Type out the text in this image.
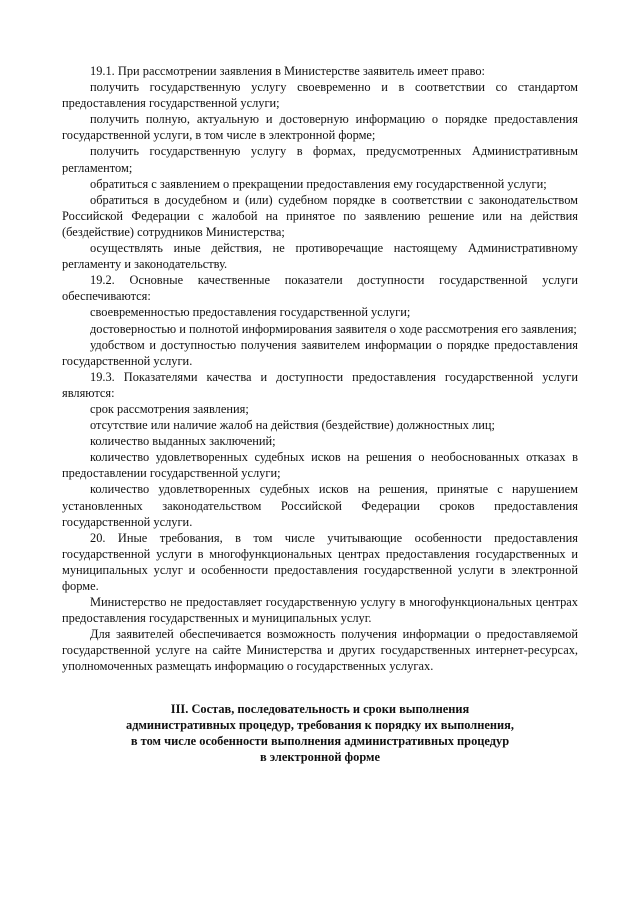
19.1. При рассмотрении заявления в Министерстве заявитель имеет право:

получить государственную услугу своевременно и в соответствии со стандартом предоставления государственной услуги;

получить полную, актуальную и достоверную информацию о порядке предоставления государственной услуги, в том числе в электронной форме;

получить государственную услугу в формах, предусмотренных Административным регламентом;

обратиться с заявлением о прекращении предоставления ему государственной услуги;

обратиться в досудебном и (или) судебном порядке в соответствии с законодательством Российской Федерации с жалобой на принятое по заявлению решение или на действия (бездействие) сотрудников Министерства;

осуществлять иные действия, не противоречащие настоящему Административному регламенту и законодательству.

19.2. Основные качественные показатели доступности государственной услуги обеспечиваются:

своевременностью предоставления государственной услуги;

достоверностью и полнотой информирования заявителя о ходе рассмотрения его заявления;

удобством и доступностью получения заявителем информации о порядке предоставления государственной услуги.

19.3. Показателями качества и доступности предоставления государственной услуги являются:

срок рассмотрения заявления;

отсутствие или наличие жалоб на действия (бездействие) должностных лиц;

количество выданных заключений;

количество удовлетворенных судебных исков на решения о необоснованных отказах в предоставлении государственной услуги;

количество удовлетворенных судебных исков на решения, принятые с нарушением установленных законодательством Российской Федерации сроков предоставления государственной услуги.

20. Иные требования, в том числе учитывающие особенности предоставления государственной услуги в многофункциональных центрах предоставления государственных и муниципальных услуг и особенности предоставления государственной услуги в электронной форме.

Министерство не предоставляет государственную услугу в многофункциональных центрах предоставления государственных и муниципальных услуг.

Для заявителей обеспечивается возможность получения информации о предоставляемой государственной услуге на сайте Министерства и других государственных интернет-ресурсах, уполномоченных размещать информацию о государственных услугах.

III. Состав, последовательность и сроки выполнения
административных процедур, требования к порядку их выполнения,
в том числе особенности выполнения административных процедур
в электронной форме
